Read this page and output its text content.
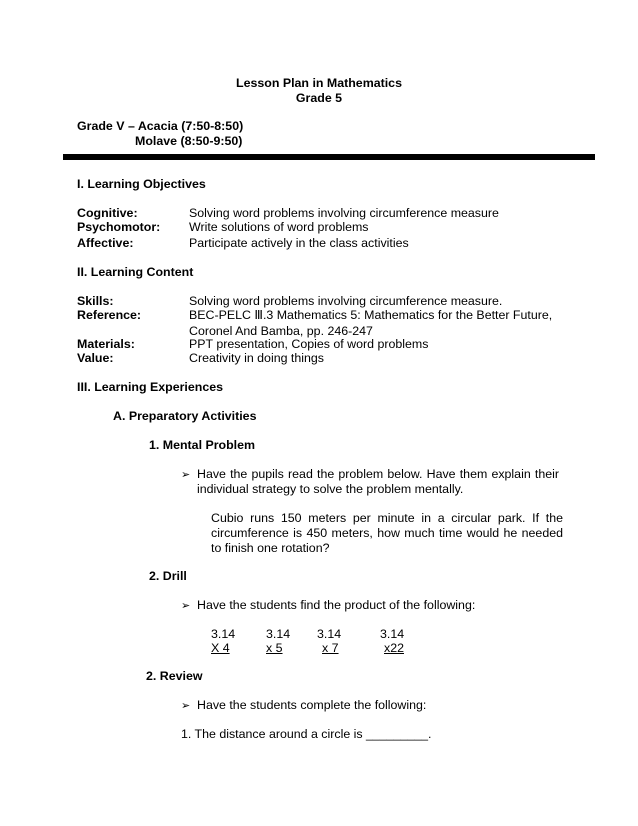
Lesson Plan in Mathematics
Grade 5
Grade V – Acacia (7:50-8:50)
Molave (8:50-9:50)
I. Learning Objectives
Cognitive:	Solving word problems involving circumference measure
Psychomotor: Write solutions of word problems
Affective:	Participate actively in the class activities
II. Learning Content
Skills:	Solving word problems involving circumference measure.
Reference:	BEC-PELC Ⅲ.3 Mathematics 5: Mathematics for the Better Future,
Coronel And Bamba, pp. 246-247
Materials:	PPT presentation, Copies of word problems
Value:	Creativity in doing things
III. Learning Experiences
A. Preparatory Activities
1. Mental Problem
➢ Have the pupils read the problem below. Have them explain their individual strategy to solve the problem mentally.
Cubio runs 150 meters per minute in a circular park. If the circumference is 450 meters, how much time would he needed to finish one rotation?
2. Drill
➢ Have the students find the product of the following:
3.14 3.14 3.14	3.14
X 4	x 5	x 7	x22
2. Review
➢ Have the students complete the following:
1. The distance around a circle is _________.
